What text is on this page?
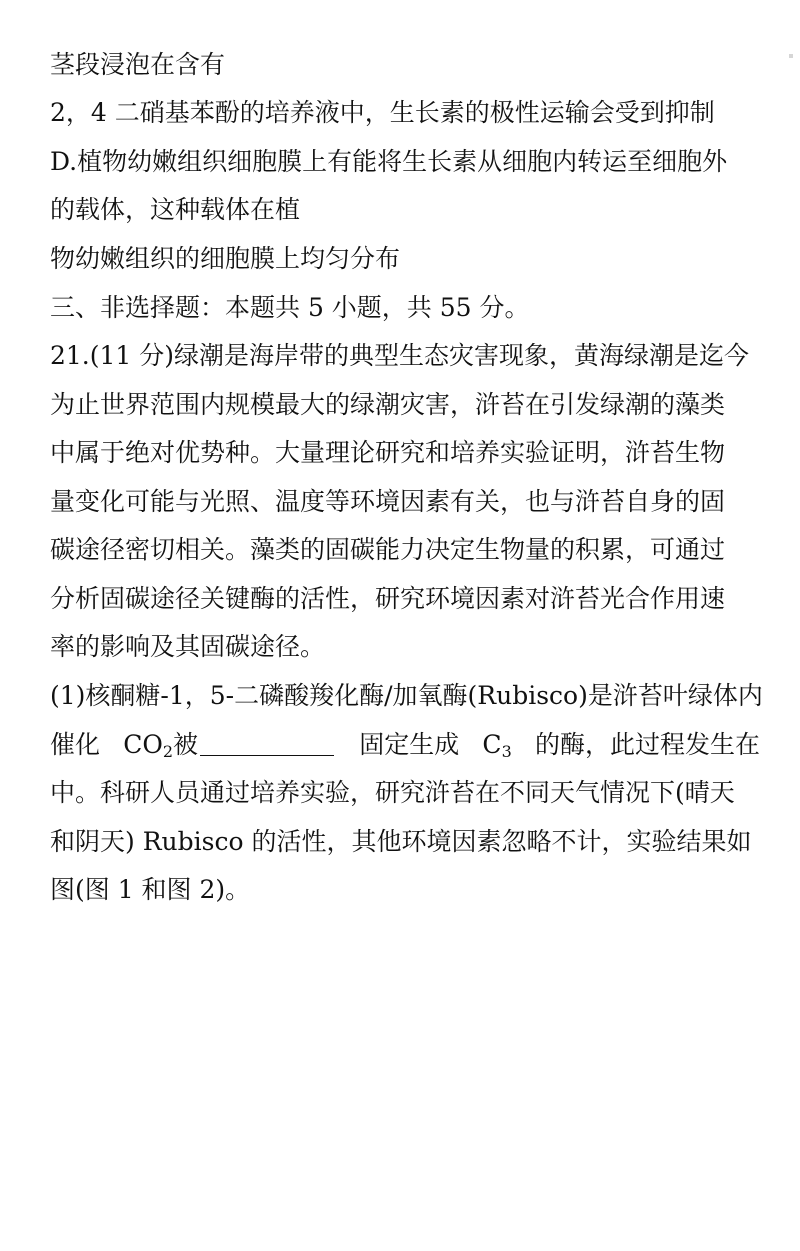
茎段浸泡在含有
2，4 二硝基苯酚的培养液中，生长素的极性运输会受到抑制
D.植物幼嫩组织细胞膜上有能将生长素从细胞内转运至细胞外
的载体，这种载体在植
物幼嫩组织的细胞膜上均匀分布
三、非选择题：本题共 5 小题，共 55 分。
21.(11 分)绿潮是海岸带的典型生态灾害现象，黄海绿潮是迄今
为止世界范围内规模最大的绿潮灾害，浒苔在引发绿潮的藻类
中属于绝对优势种。大量理论研究和培养实验证明，浒苔生物
量变化可能与光照、温度等环境因素有关，也与浒苔自身的固
碳途径密切相关。藻类的固碳能力决定生物量的积累，可通过
分析固碳途径关键酶的活性，研究环境因素对浒苔光合作用速
率的影响及其固碳途径。
(1)核酮糖-1，5-二磷酸羧化酶/加氧酶(Rubisco)是浒苔叶绿体内
催化 $CO_2$被	固定生成 $C_3$ 的酶，此过程发生在
中。科研人员通过培养实验，研究浒苔在不同天气情况下(晴天
和阴天) Rubisco 的活性，其他环境因素忽略不计，实验结果如
图(图 1 和图 2)。
